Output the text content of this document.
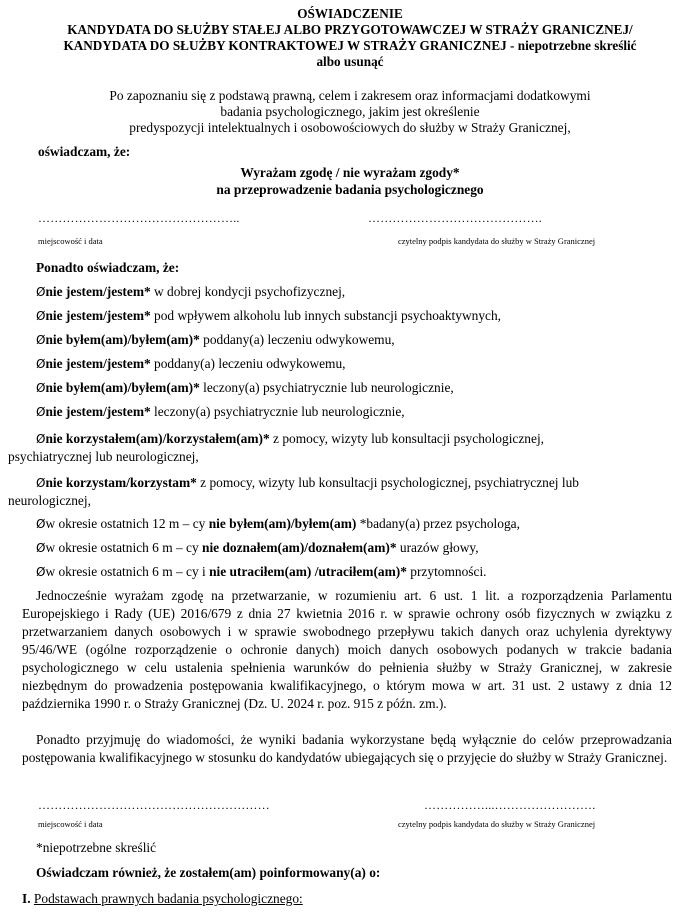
OŚWIADCZENIE
KANDYDATA DO SŁUŻBY STAŁEJ ALBO PRZYGOTOWAWCZEJ W STRAŻY GRANICZNEJ/
KANDYDATA DO SŁUŻBY KONTRAKTOWEJ W STRAŻY GRANICZNEJ - niepotrzebne skreślić
albo usunąć
Po zapoznaniu się z podstawą prawną, celem i zakresem oraz informacjami dodatkowymi
badania psychologicznego, jakim jest określenie
predyspozycji intelektualnych i osobowościowych do służby w Straży Granicznej,
oświadczam, że:
Wyrażam zgodę / nie wyrażam zgody*
na przeprowadzenie badania psychologicznego
…………………………………………..	…………………………………….
miejscowość i data	czytelny podpis kandydata do służby w Straży Granicznej
Ponadto oświadczam, że:
Ønie jestem/jestem* w dobrej kondycji psychofizycznej,
Ønie jestem/jestem* pod wpływem alkoholu lub innych substancji psychoaktywnych,
Ønie byłem(am)/byłem(am)* poddany(a) leczeniu odwykowemu,
Ønie jestem/jestem* poddany(a) leczeniu odwykowemu,
Ønie byłem(am)/byłem(am)* leczony(a) psychiatrycznie lub neurologicznie,
Ønie jestem/jestem* leczony(a) psychiatrycznie lub neurologicznie,
Ønie korzystałem(am)/korzystałem(am)* z pomocy, wizyty lub konsultacji psychologicznej,
psychiatrycznej lub neurologicznej,
Ønie korzystam/korzystam* z pomocy, wizyty lub konsultacji psychologicznej, psychiatrycznej lub
neurologicznej,
Øw okresie ostatnich 12 m – cy nie byłem(am)/byłem(am) *badany(a) przez psychologa,
Øw okresie ostatnich 6 m – cy nie doznałem(am)/doznałem(am)* urazów głowy,
Øw okresie ostatnich 6 m – cy i nie utraciłem(am) /utraciłem(am)* przytomności.
Jednocześnie wyrażam zgodę na przetwarzanie, w rozumieniu art. 6 ust. 1 lit. a rozporządzenia Parlamentu Europejskiego i Rady (UE) 2016/679 z dnia 27 kwietnia 2016 r. w sprawie ochrony osób fizycznych w związku z przetwarzaniem danych osobowych i w sprawie swobodnego przepływu takich danych oraz uchylenia dyrektywy 95/46/WE (ogólne rozporządzenie o ochronie danych) moich danych osobowych podanych w trakcie badania psychologicznego w celu ustalenia spełnienia warunków do pełnienia służby w Straży Granicznej, w zakresie niezbędnym do prowadzenia postępowania kwalifikacyjnego, o którym mowa w art. 31 ust. 2 ustawy z dnia 12 października 1990 r. o Straży Granicznej (Dz. U. 2024 r. poz. 915 z późn. zm.).
Ponadto przyjmuję do wiadomości, że wyniki badania wykorzystane będą wyłącznie do celów przeprowadzania postępowania kwalifikacyjnego w stosunku do kandydatów ubiegających się o przyjęcie do służby w Straży Granicznej.
…………………………………………………	……………...…………………….
miejscowość i data	czytelny podpis kandydata do służby w Straży Granicznej
*niepotrzebne skreślić
Oświadczam również, że zostałem(am) poinformowany(a) o:
I. Podstawach prawnych badania psychologicznego:
